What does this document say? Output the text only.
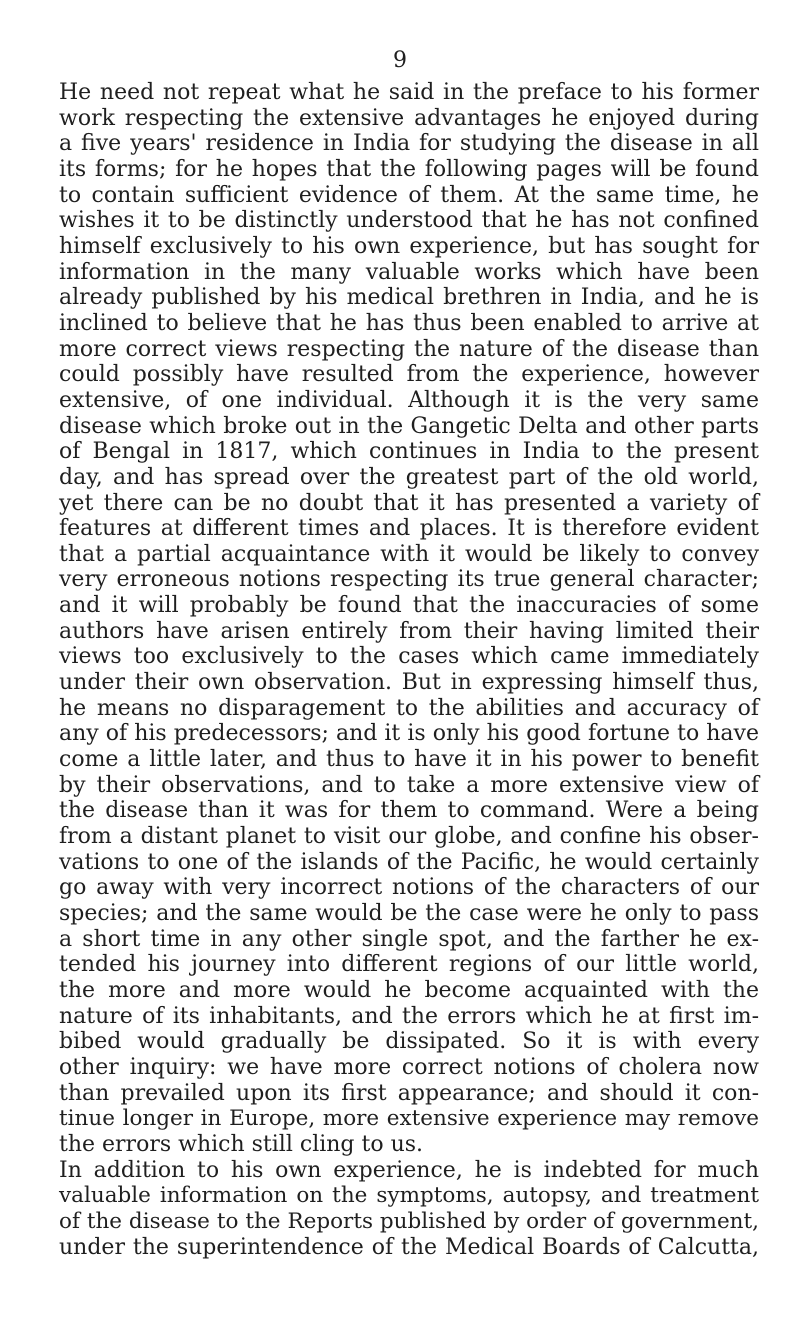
9
He need not repeat what he said in the preface to his former
work respecting the extensive advantages he enjoyed during
a five years' residence in India for studying the disease in all
its forms; for he hopes that the following pages will be found
to contain sufficient evidence of them. At the same time, he
wishes it to be distinctly understood that he has not confined
himself exclusively to his own experience, but has sought for
information in the many valuable works which have been
already published by his medical brethren in India, and he is
inclined to believe that he has thus been enabled to arrive at
more correct views respecting the nature of the disease than
could possibly have resulted from the experience, however
extensive, of one individual. Although it is the very same
disease which broke out in the Gangetic Delta and other parts
of Bengal in 1817, which continues in India to the present
day, and has spread over the greatest part of the old world,
yet there can be no doubt that it has presented a variety of
features at different times and places. It is therefore evident
that a partial acquaintance with it would be likely to convey
very erroneous notions respecting its true general character;
and it will probably be found that the inaccuracies of some
authors have arisen entirely from their having limited their
views too exclusively to the cases which came immediately
under their own observation. But in expressing himself thus,
he means no disparagement to the abilities and accuracy of
any of his predecessors; and it is only his good fortune to have
come a little later, and thus to have it in his power to benefit
by their observations, and to take a more extensive view of
the disease than it was for them to command. Were a being
from a distant planet to visit our globe, and confine his obser-
vations to one of the islands of the Pacific, he would certainly
go away with very incorrect notions of the characters of our
species; and the same would be the case were he only to pass
a short time in any other single spot, and the farther he ex-
tended his journey into different regions of our little world,
the more and more would he become acquainted with the
nature of its inhabitants, and the errors which he at first im-
bibed would gradually be dissipated. So it is with every
other inquiry: we have more correct notions of cholera now
than prevailed upon its first appearance; and should it con-
tinue longer in Europe, more extensive experience may remove
the errors which still cling to us.
In addition to his own experience, he is indebted for much
valuable information on the symptoms, autopsy, and treatment
of the disease to the Reports published by order of government,
under the superintendence of the Medical Boards of Calcutta,
